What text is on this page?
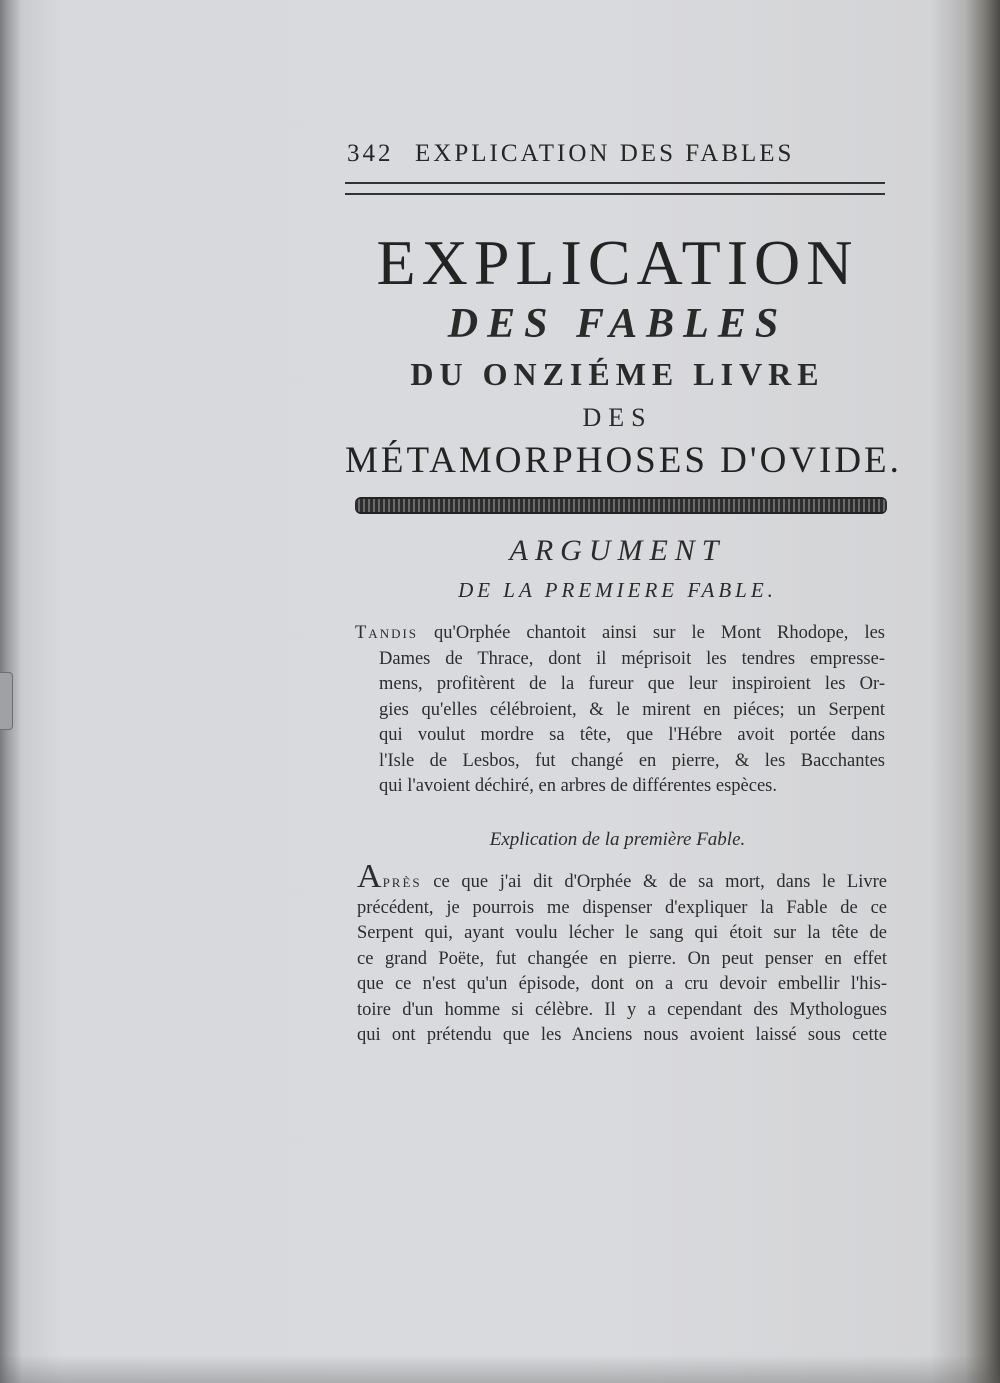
342 EXPLICATION DES FABLES
EXPLICATION
DES FABLES
DU ONZIÉME LIVRE
DES
MÉTAMORPHOSES D'OVIDE.
ARGUMENT
DE LA PREMIERE FABLE.

Tandis qu'Orphée chantoit ainsi sur le Mont Rhodope, les
Dames de Thrace, dont il méprisoit les tendres empresse-
mens, profitèrent de la fureur que leur inspiroient les Or-
gies qu'elles célébroient, & le mirent en piéces; un Serpent
qui voulut mordre sa tête, que l'Hébre avoit portée dans
l'Isle de Lesbos, fut changé en pierre, & les Bacchantes
qui l'avoient déchiré, en arbres de différentes espèces.

Explication de la première Fable.

Après ce que j'ai dit d'Orphée & de sa mort, dans le Livre
précédent, je pourrois me dispenser d'expliquer la Fable de ce
Serpent qui, ayant voulu lécher le sang qui étoit sur la tête de
ce grand Poëte, fut changée en pierre. On peut penser en effet
que ce n'est qu'un épisode, dont on a cru devoir embellir l'his-
toire d'un homme si célèbre. Il y a cependant des Mythologues
qui ont prétendu que les Anciens nous avoient laissé sous cette
